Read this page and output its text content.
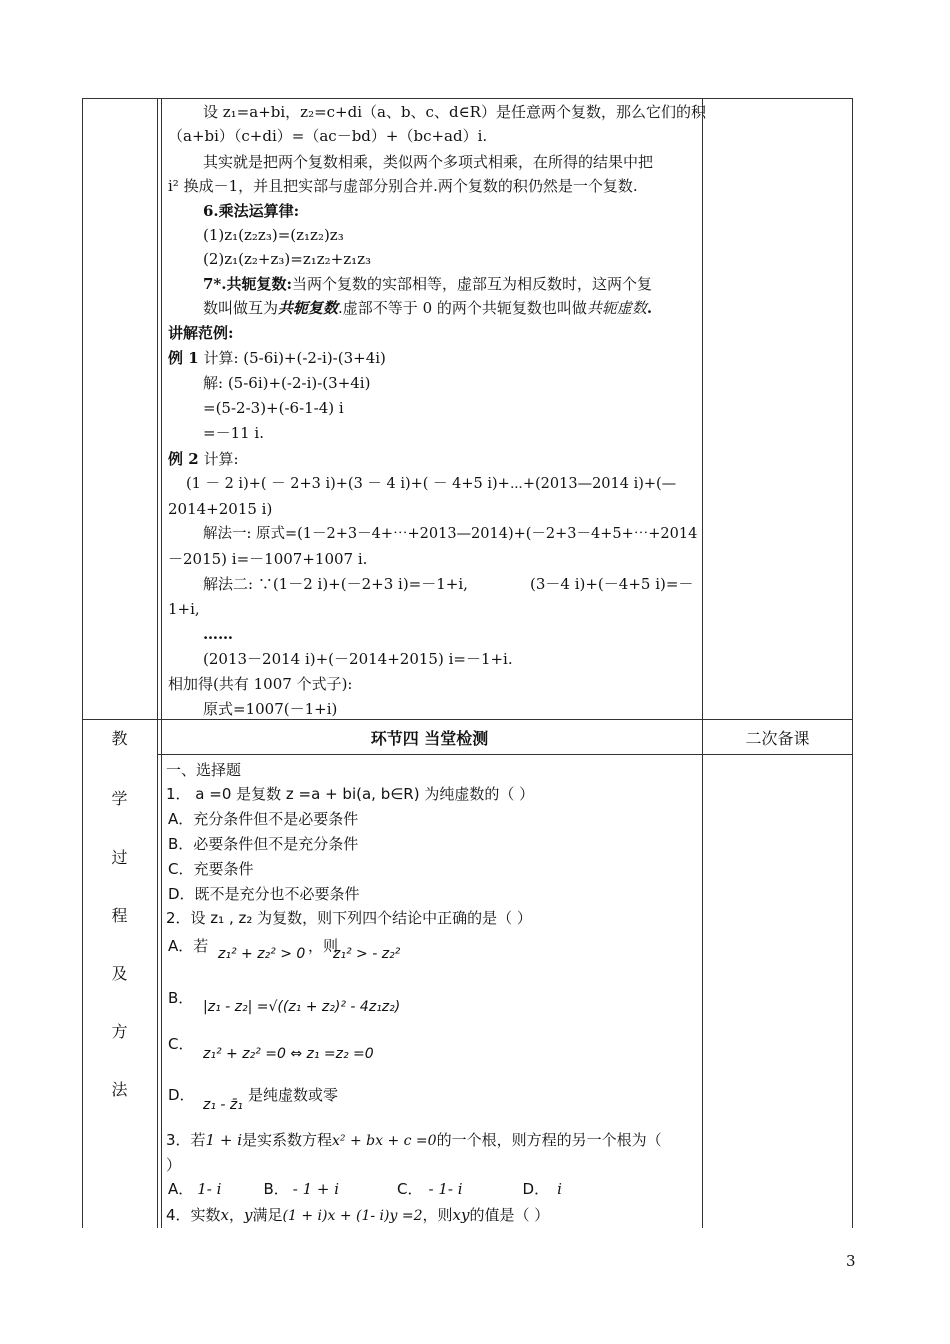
设 z₁=a+bi，z₂=c+di（a、b、c、d∈R）是任意两个复数，那么它们的积
（a+bi）（c+di）=（ac－bd）+（bc+ad）i.
其实就是把两个复数相乘，类似两个多项式相乘，在所得的结果中把
i² 换成－1，并且把实部与虚部分别合并.两个复数的积仍然是一个复数.
6.乘法运算律:
(1)z₁(z₂z₃)=(z₁z₂)z₃
(2)z₁(z₂+z₃)=z₁z₂+z₁z₃
7*.共轭复数:当两个复数的实部相等，虚部互为相反数时，这两个复
数叫做互为共轭复数.虚部不等于 0 的两个共轭复数也叫做共轭虚数.
讲解范例:
例 1 计算: (5-6i)+(-2-i)-(3+4i)
解: (5-6i)+(-2-i)-(3+4i)
=(5-2-3)+(-6-1-4) i
=－11 i.
例 2 计算:
(1 － 2 i)+( － 2+3 i)+(3 － 4 i)+( － 4+5 i)+⋯+(2013—2014 i)+(—
2014+2015 i)
解法一: 原式=(1－2+3－4+⋯+2013—2014)+(－2+3－4+5+⋯+2014
－2015) i=－1007+1007 i.
解法二: ∵(1－2 i)+(－2+3 i)=－1+i,	(3－4 i)+(－4+5 i)=－
1+i,
……
(2013－2014 i)+(－2014+2015) i=－1+i.
相加得(共有 1007 个式子):
原式=1007(－1+i)
环节四 当堂检测	二次备课
教
学
过
程
及
方
法
一、选择题
1． a =0 是复数 z =a + bi(a, b∈R) 为纯虚数的（ ）
A．充分条件但不是必要条件
B．必要条件但不是充分条件
C．充要条件
D．既不是充分也不必要条件
2．设 z₁ , z₂ 为复数，则下列四个结论中正确的是（ ）
A．若 z₁² + z₂² > 0 ，则
z₁² > - z₂²
B． |z₁ - z₂| =√((z₁ + z₂)² - 4z₁z₂)
C．
z₁² + z₂² =0 ⇔ z₁ =z₂ =0
D．
z₁ - z̄₁
是纯虚数或零
3．若1 + i是实系数方程x² + bx + c =0的一个根，则方程的另一个根为（
）
A． 1- i	B． - 1 + i	C． - 1- i	D． i
4．实数x，y满足(1 + i)x + (1- i)y =2，则xy的值是（ ）
3
